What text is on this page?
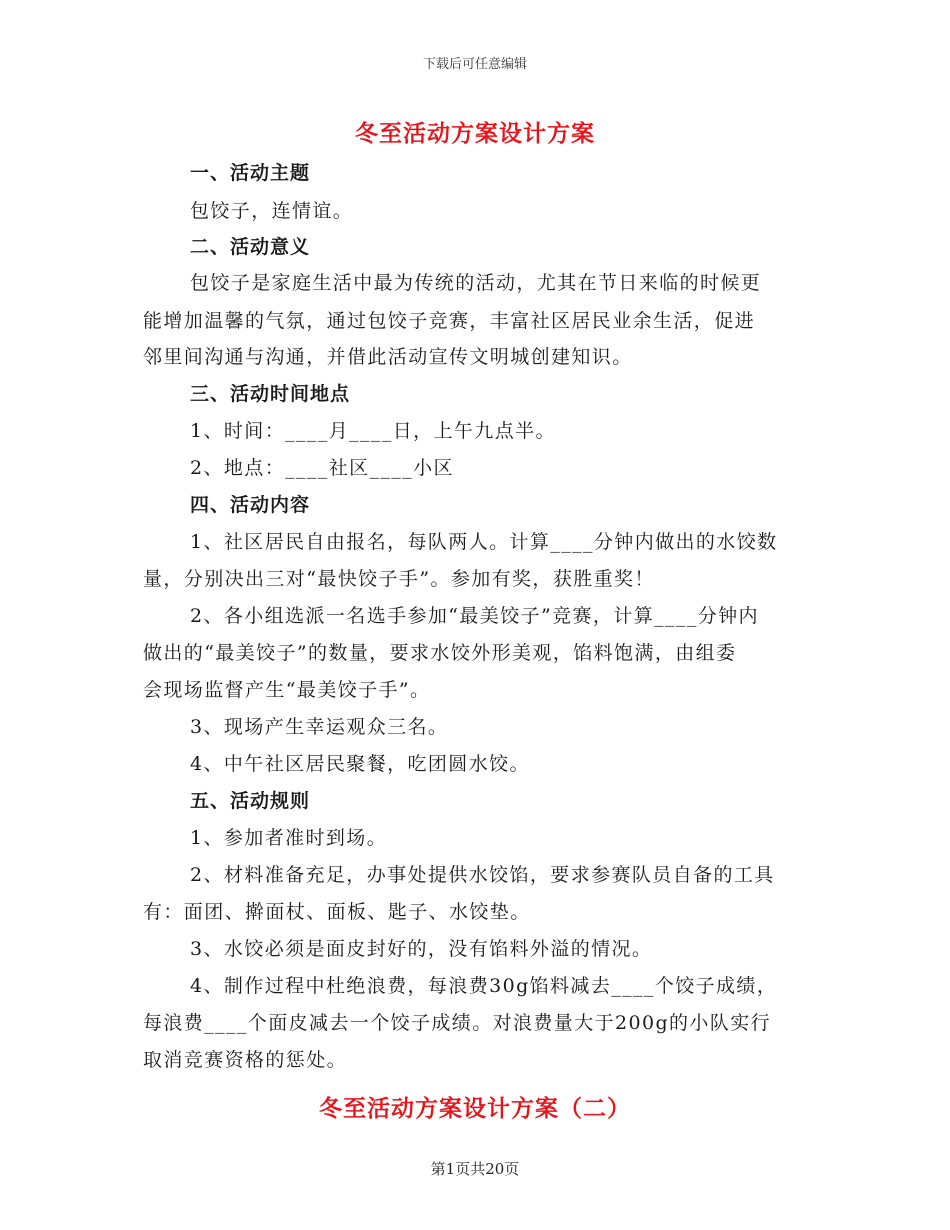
下载后可任意编辑
冬至活动方案设计方案
一、活动主题
包饺子，连情谊。
二、活动意义
包饺子是家庭生活中最为传统的活动，尤其在节日来临的时候更
能增加温馨的气氛，通过包饺子竞赛，丰富社区居民业余生活，促进
邻里间沟通与沟通，并借此活动宣传文明城创建知识。
三、活动时间地点
1、时间：____月____日，上午九点半。
2、地点：____社区____小区
四、活动内容
1、社区居民自由报名，每队两人。计算____分钟内做出的水饺数
量，分别决出三对“最快饺子手”。参加有奖，获胜重奖！
2、各小组选派一名选手参加“最美饺子”竞赛，计算____分钟内
做出的“最美饺子”的数量，要求水饺外形美观，馅料饱满，由组委
会现场监督产生“最美饺子手”。
3、现场产生幸运观众三名。
4、中午社区居民聚餐，吃团圆水饺。
五、活动规则
1、参加者准时到场。
2、材料准备充足，办事处提供水饺馅，要求参赛队员自备的工具
有：面团、擀面杖、面板、匙子、水饺垫。
3、水饺必须是面皮封好的，没有馅料外溢的情况。
4、制作过程中杜绝浪费，每浪费30g馅料减去____个饺子成绩，
每浪费____个面皮减去一个饺子成绩。对浪费量大于200g的小队实行
取消竞赛资格的惩处。
冬至活动方案设计方案（二）
第1页共20页
